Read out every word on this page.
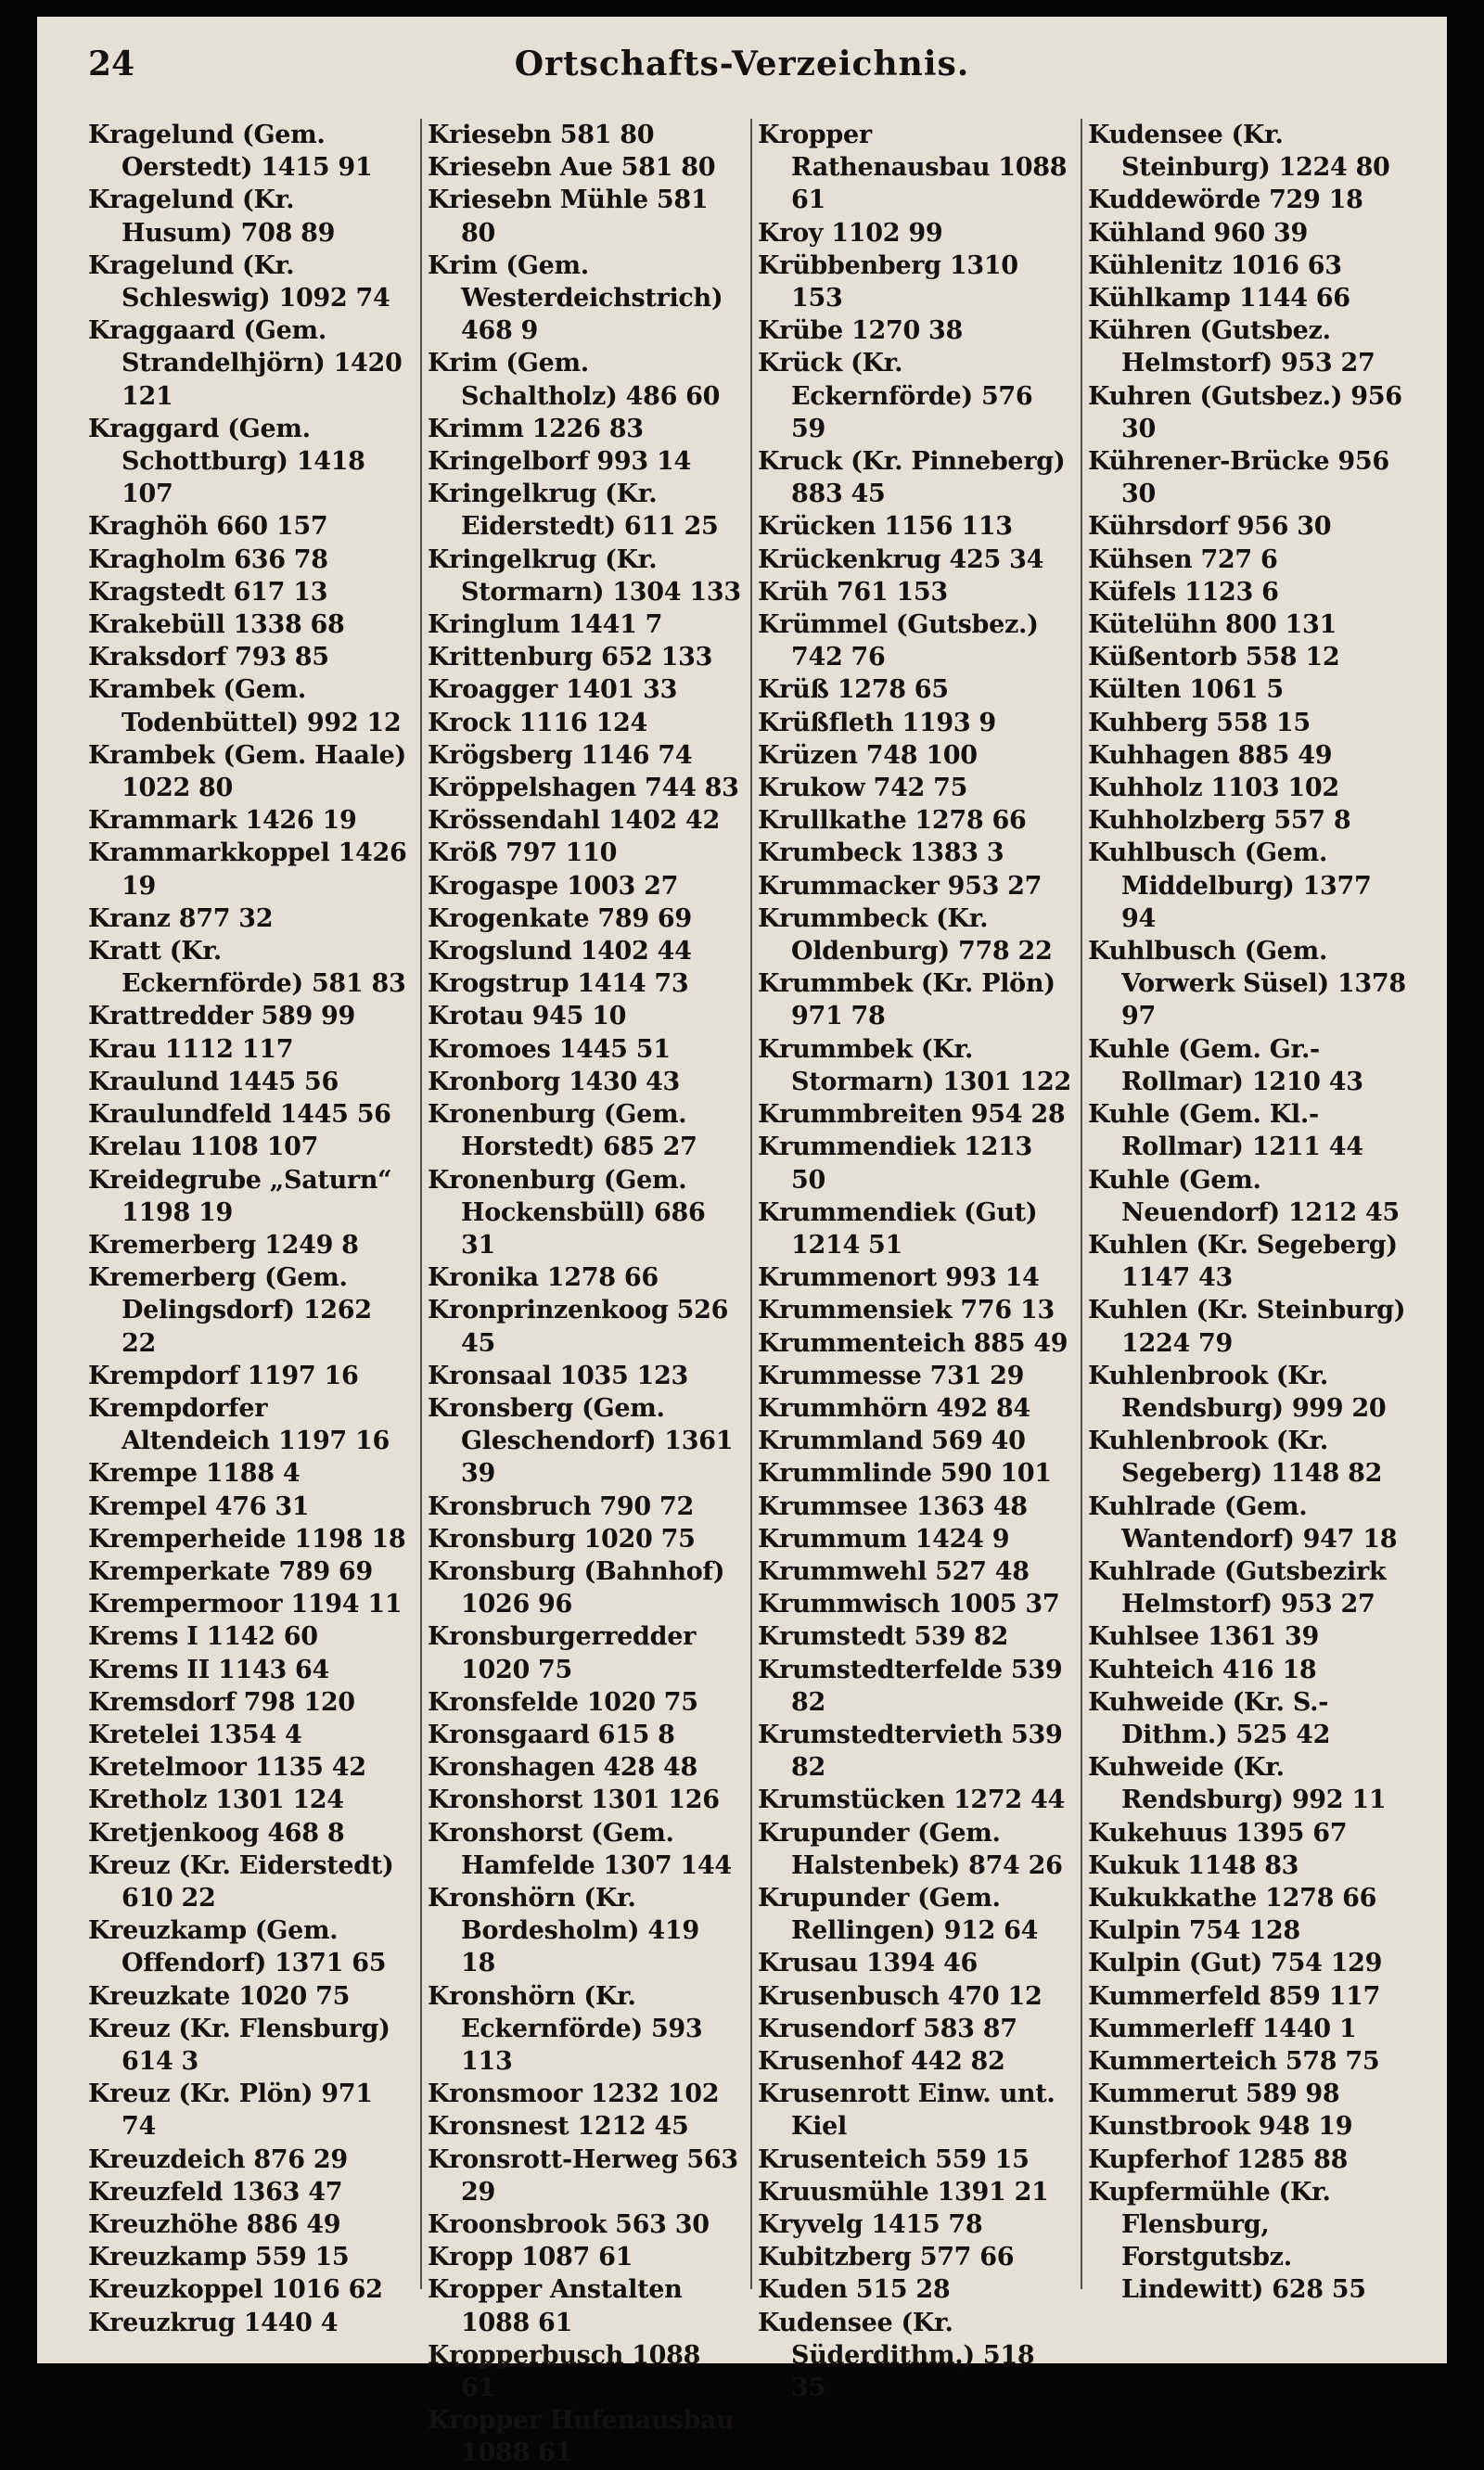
24	Ortschafts-Verzeichnis.
Kragelund (Gem. Oerstedt) 1415 91
Kragelund (Kr. Husum) 708 89
Kragelund (Kr. Schleswig) 1092 74
Kraggaard (Gem. Strandelhjörn) 1420 121
Kraggard (Gem. Schottburg) 1418 107
Kraghöh 660 157
Kragholm 636 78
Kragstedt 617 13
Krakebüll 1338 68
Kraksdorf 793 85
Krambek (Gem. Todenbüttel) 992 12
Krambek (Gem. Haale) 1022 80
Krammark 1426 19
Krammarkkoppel 1426 19
Kranz 877 32
Kratt (Kr. Eckernförde) 581 83
Krattredder 589 99
Krau 1112 117
Kraulund 1445 56
Kraulundfeld 1445 56
Krelau 1108 107
Kreidegrube „Saturn“ 1198 19
Kremerberg 1249 8
Kremerberg (Gem. Delingsdorf) 1262 22
Krempdorf 1197 16
Krempdorfer Altendeich 1197 16
Krempe 1188 4
Krempel 476 31
Kremperheide 1198 18
Kremperkate 789 69
Krempermoor 1194 11
Krems I 1142 60
Krems II 1143 64
Kremsdorf 798 120
Kretelei 1354 4
Kretelmoor 1135 42
Kretholz 1301 124
Kretjenkoog 468 8
Kreuz (Kr. Eiderstedt) 610 22
Kreuzkamp (Gem. Offendorf) 1371 65
Kreuzkate 1020 75
Kreuz (Kr. Flensburg) 614 3
Kreuz (Kr. Plön) 971 74
Kreuzdeich 876 29
Kreuzfeld 1363 47
Kreuzhöhe 886 49
Kreuzkamp 559 15
Kreuzkoppel 1016 62
Kreuzkrug 1440 4
Kriesebn 581 80
Kriesebn Aue 581 80
Kriesebn Mühle 581 80
Krim (Gem. Westerdeichstrich) 468 9
Krim (Gem. Schaltholz) 486 60
Krimm 1226 83
Kringelborf 993 14
Kringelkrug (Kr. Eiderstedt) 611 25
Kringelkrug (Kr. Stormarn) 1304 133
Kringlum 1441 7
Krittenburg 652 133
Kroagger 1401 33
Krock 1116 124
Krögsberg 1146 74
Kröppelshagen 744 83
Krössendahl 1402 42
Kröß 797 110
Krogaspe 1003 27
Krogenkate 789 69
Krogslund 1402 44
Krogstrup 1414 73
Krotau 945 10
Kromoes 1445 51
Kronborg 1430 43
Kronenburg (Gem. Horstedt) 685 27
Kronenburg (Gem. Hockensbüll) 686 31
Kronika 1278 66
Kronprinzenkoog 526 45
Kronsaal 1035 123
Kronsberg (Gem. Gleschendorf) 1361 39
Kronsbruch 790 72
Kronsburg 1020 75
Kronsburg (Bahnhof) 1026 96
Kronsburgerredder 1020 75
Kronsfelde 1020 75
Kronsgaard 615 8
Kronshagen 428 48
Kronshorst 1301 126
Kronshorst (Gem. Hamfelde 1307 144
Kronshörn (Kr. Bordesholm) 419 18
Kronshörn (Kr. Eckernförde) 593 113
Kronsmoor 1232 102
Kronsnest 1212 45
Kronsrott-Herweg 563 29
Kroonsbrook 563 30
Kropp 1087 61
Kropper Anstalten 1088 61
Kropperbusch 1088 61
Kropper Hufenausbau 1088 61
Kropper Rathenausbau 1088 61
Kroy 1102 99
Krübbenberg 1310 153
Krübe 1270 38
Krück (Kr. Eckernförde) 576 59
Kruck (Kr. Pinneberg) 883 45
Krücken 1156 113
Krückenkrug 425 34
Krüh 761 153
Krümmel (Gutsbez.) 742 76
Krüß 1278 65
Krüßfleth 1193 9
Krüzen 748 100
Krukow 742 75
Krullkathe 1278 66
Krumbeck 1383 3
Krummacker 953 27
Krummbeck (Kr. Oldenburg) 778 22
Krummbek (Kr. Plön) 971 78
Krummbek (Kr. Stormarn) 1301 122
Krummbreiten 954 28
Krummendiek 1213 50
Krummendiek (Gut) 1214 51
Krummenort 993 14
Krummensiek 776 13
Krummenteich 885 49
Krummesse 731 29
Krummhörn 492 84
Krummland 569 40
Krummlinde 590 101
Krummsee 1363 48
Krummum 1424 9
Krummwehl 527 48
Krummwisch 1005 37
Krumstedt 539 82
Krumstedterfelde 539 82
Krumstedtervieth 539 82
Krumstücken 1272 44
Krupunder (Gem. Halstenbek) 874 26
Krupunder (Gem. Rellingen) 912 64
Krusau 1394 46
Krusenbusch 470 12
Krusendorf 583 87
Krusenhof 442 82
Krusenrott Einw. unt. Kiel
Krusenteich 559 15
Kruusmühle 1391 21
Kryvelg 1415 78
Kubitzberg 577 66
Kuden 515 28
Kudensee (Kr. Süderdithm.) 518 35
Kudensee (Kr. Steinburg) 1224 80
Kuddewörde 729 18
Kühland 960 39
Kühlenitz 1016 63
Kühlkamp 1144 66
Kühren (Gutsbez. Helmstorf) 953 27
Kuhren (Gutsbez.) 956 30
Kührener-Brücke 956 30
Kührsdorf 956 30
Kühsen 727 6
Küfels 1123 6
Kütelühn 800 131
Küßentorb 558 12
Külten 1061 5
Kuhberg 558 15
Kuhhagen 885 49
Kuhholz 1103 102
Kuhholzberg 557 8
Kuhlbusch (Gem. Middelburg) 1377 94
Kuhlbusch (Gem. Vorwerk Süsel) 1378 97
Kuhle (Gem. Gr.-Rollmar) 1210 43
Kuhle (Gem. Kl.-Rollmar) 1211 44
Kuhle (Gem. Neuendorf) 1212 45
Kuhlen (Kr. Segeberg) 1147 43
Kuhlen (Kr. Steinburg) 1224 79
Kuhlenbrook (Kr. Rendsburg) 999 20
Kuhlenbrook (Kr. Segeberg) 1148 82
Kuhlrade (Gem. Wantendorf) 947 18
Kuhlrade (Gutsbezirk Helmstorf) 953 27
Kuhlsee 1361 39
Kuhteich 416 18
Kuhweide (Kr. S.-Dithm.) 525 42
Kuhweide (Kr. Rendsburg) 992 11
Kukehuus 1395 67
Kukuk 1148 83
Kukukkathe 1278 66
Kulpin 754 128
Kulpin (Gut) 754 129
Kummerfeld 859 117
Kummerleff 1440 1
Kummerteich 578 75
Kummerut 589 98
Kunstbrook 948 19
Kupferhof 1285 88
Kupfermühle (Kr. Flensburg, Forstgutsbz. Lindewitt) 628 55
